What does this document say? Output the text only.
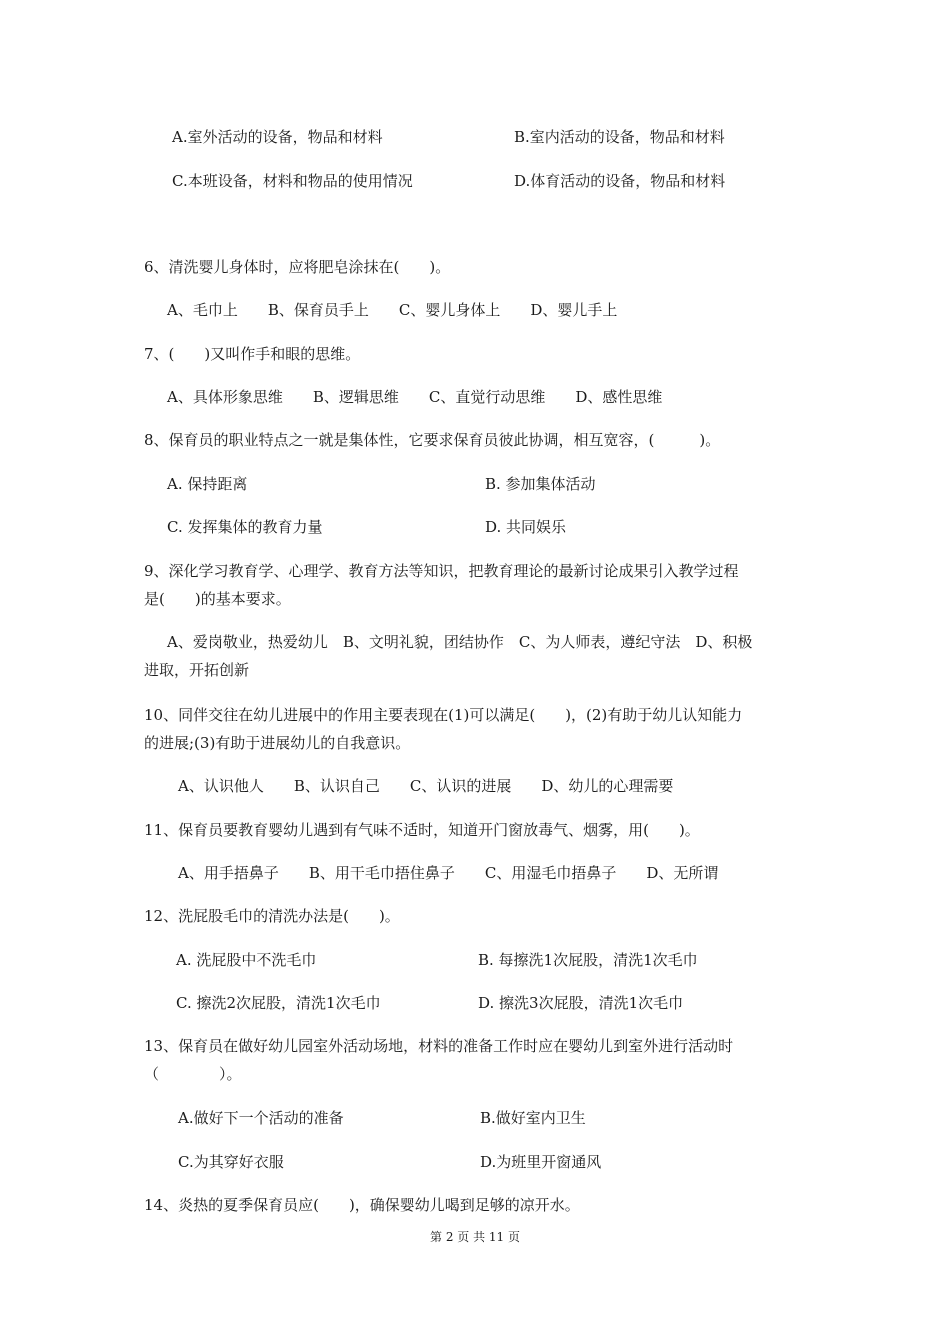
A.室外活动的设备，物品和材料	B.室内活动的设备，物品和材料
C.本班设备，材料和物品的使用情况	D.体育活动的设备，物品和材料
6、清洗婴儿身体时，应将肥皂涂抹在(　　)。
A、毛巾上　　B、保育员手上　　C、婴儿身体上　　D、婴儿手上
7、(　　)又叫作手和眼的思维。
A、具体形象思维　　B、逻辑思维　　C、直觉行动思维　　D、感性思维
8、保育员的职业特点之一就是集体性，它要求保育员彼此协调，相互宽容，(　　　)。
A. 保持距离	B. 参加集体活动
C. 发挥集体的教育力量	D. 共同娱乐
9、深化学习教育学、心理学、教育方法等知识，把教育理论的最新讨论成果引入教学过程
是(　　)的基本要求。
A、爱岗敬业，热爱幼儿　B、文明礼貌，团结协作　C、为人师表，遵纪守法　D、积极
进取，开拓创新
10、同伴交往在幼儿进展中的作用主要表现在(1)可以满足(　　)，(2)有助于幼儿认知能力
的进展;(3)有助于进展幼儿的自我意识。
A、认识他人　　B、认识自己　　C、认识的进展　　D、幼儿的心理需要
11、保育员要教育婴幼儿遇到有气味不适时，知道开门窗放毒气、烟雾，用(　　)。
A、用手捂鼻子　　B、用干毛巾捂住鼻子　　C、用湿毛巾捂鼻子　　D、无所谓
12、洗屁股毛巾的清洗办法是(　　)。
A. 洗屁股中不洗毛巾	B. 每擦洗1次屁股，清洗1次毛巾
C. 擦洗2次屁股，清洗1次毛巾	D. 擦洗3次屁股，清洗1次毛巾
13、保育员在做好幼儿园室外活动场地，材料的准备工作时应在婴幼儿到室外进行活动时
（　　　　）。
A.做好下一个活动的准备	B.做好室内卫生
C.为其穿好衣服	D.为班里开窗通风
14、炎热的夏季保育员应(　　)，确保婴幼儿喝到足够的凉开水。
第 2 页 共 11 页
